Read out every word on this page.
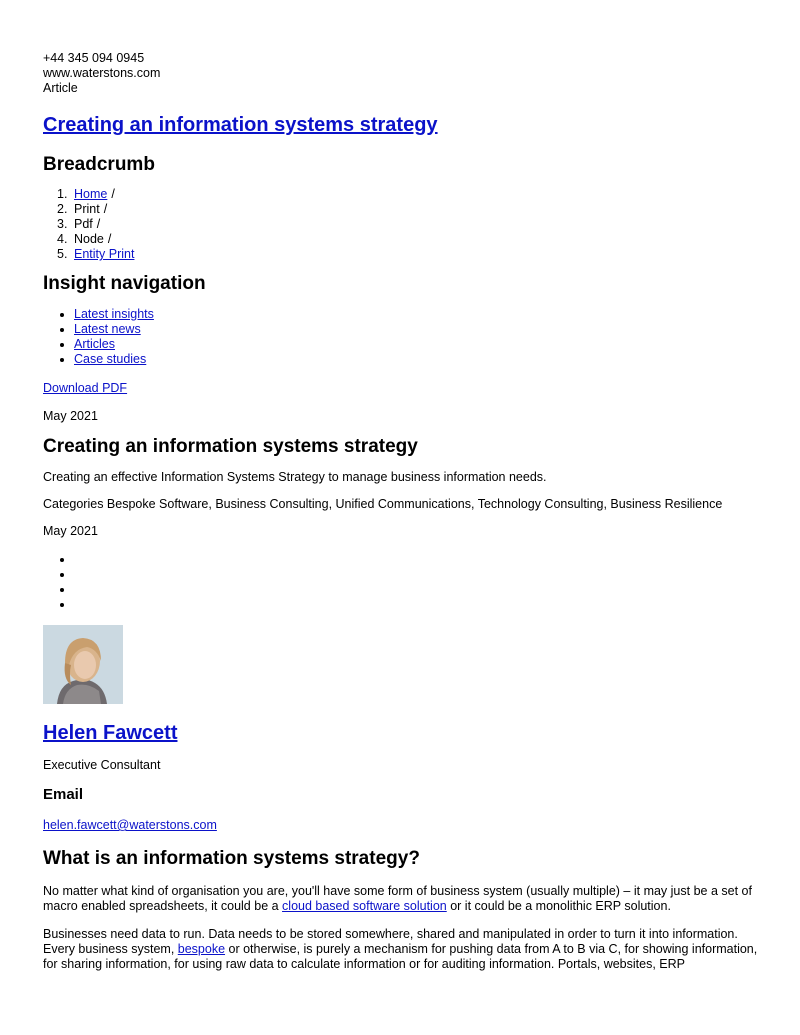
+44 345 094 0945
www.waterstons.com
Article
Creating an information systems strategy
Breadcrumb
1. Home /
2. Print /
3. Pdf /
4. Node /
5. Entity Print
Insight navigation
• Latest insights
• Latest news
• Articles
• Case studies
Download PDF

May 2021

Creating an information systems strategy

Creating an effective Information Systems Strategy to manage business information needs.

Categories Bespoke Software, Business Consulting, Unified Communications, Technology Consulting, Business Resilience

May 2021

•
•
•
•
Helen Fawcett

Executive Consultant

Email
helen.fawcett@waterstons.com
What is an information systems strategy?

No matter what kind of organisation you are, you'll have some form of business system (usually multiple) – it may just be a set of macro enabled spreadsheets, it could be a cloud based software solution or it could be a monolithic ERP solution.

Businesses need data to run. Data needs to be stored somewhere, shared and manipulated in order to turn it into information. Every business system, bespoke or otherwise, is purely a mechanism for pushing data from A to B via C, for showing information, for sharing information, for using raw data to calculate information or for auditing information. Portals, websites, ERP
